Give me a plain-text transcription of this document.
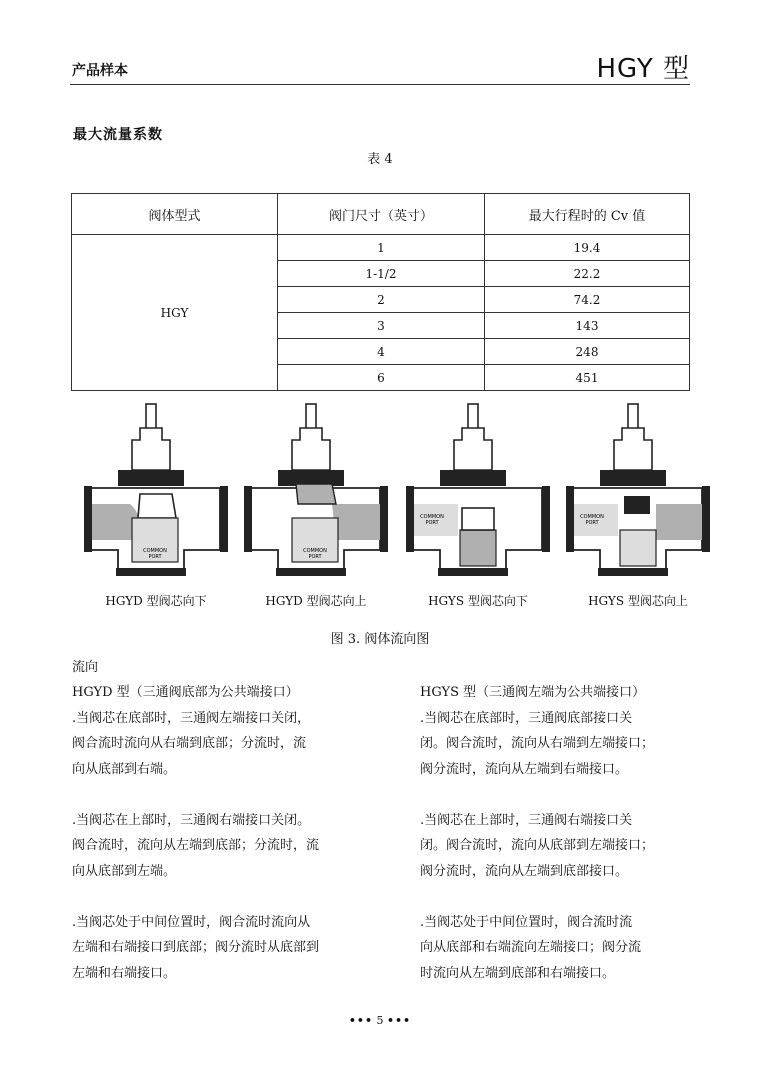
产品样本	HGY 型
最大流量系数
表 4
阀体型式	阀门尺寸（英寸）	最大行程时的 Cv 值
HGY	1	19.4
	1-1/2	22.2
	2	74.2
	3	143
	4	248
	6	451
COMMON
PORT
HGYD 型阀芯向下
COMMON
PORT
HGYD 型阀芯向上
COMMON
PORT
HGYS 型阀芯向下
COMMON
PORT
HGYS 型阀芯向上
图 3. 阀体流向图
流向
HGYD 型（三通阀底部为公共端接口）

.当阀芯在底部时，三通阀左端接口关闭，
阀合流时流向从右端到底部；分流时，流
向从底部到右端。

.当阀芯在上部时，三通阀右端接口关闭。
阀合流时，流向从左端到底部；分流时，流
向从底部到左端。

.当阀芯处于中间位置时，阀合流时流向从
左端和右端接口到底部；阀分流时从底部到
左端和右端接口。

HGYS 型（三通阀左端为公共端接口）

.当阀芯在底部时，三通阀底部接口关
闭。阀合流时，流向从右端到左端接口；
阀分流时，流向从左端到右端接口。

.当阀芯在上部时，三通阀右端接口关
闭。阀合流时，流向从底部到左端接口；
阀分流时，流向从左端到底部接口。

.当阀芯处于中间位置时，阀合流时流
向从底部和右端流向左端接口；阀分流
时流向从左端到底部和右端接口。

••• 5 •••
